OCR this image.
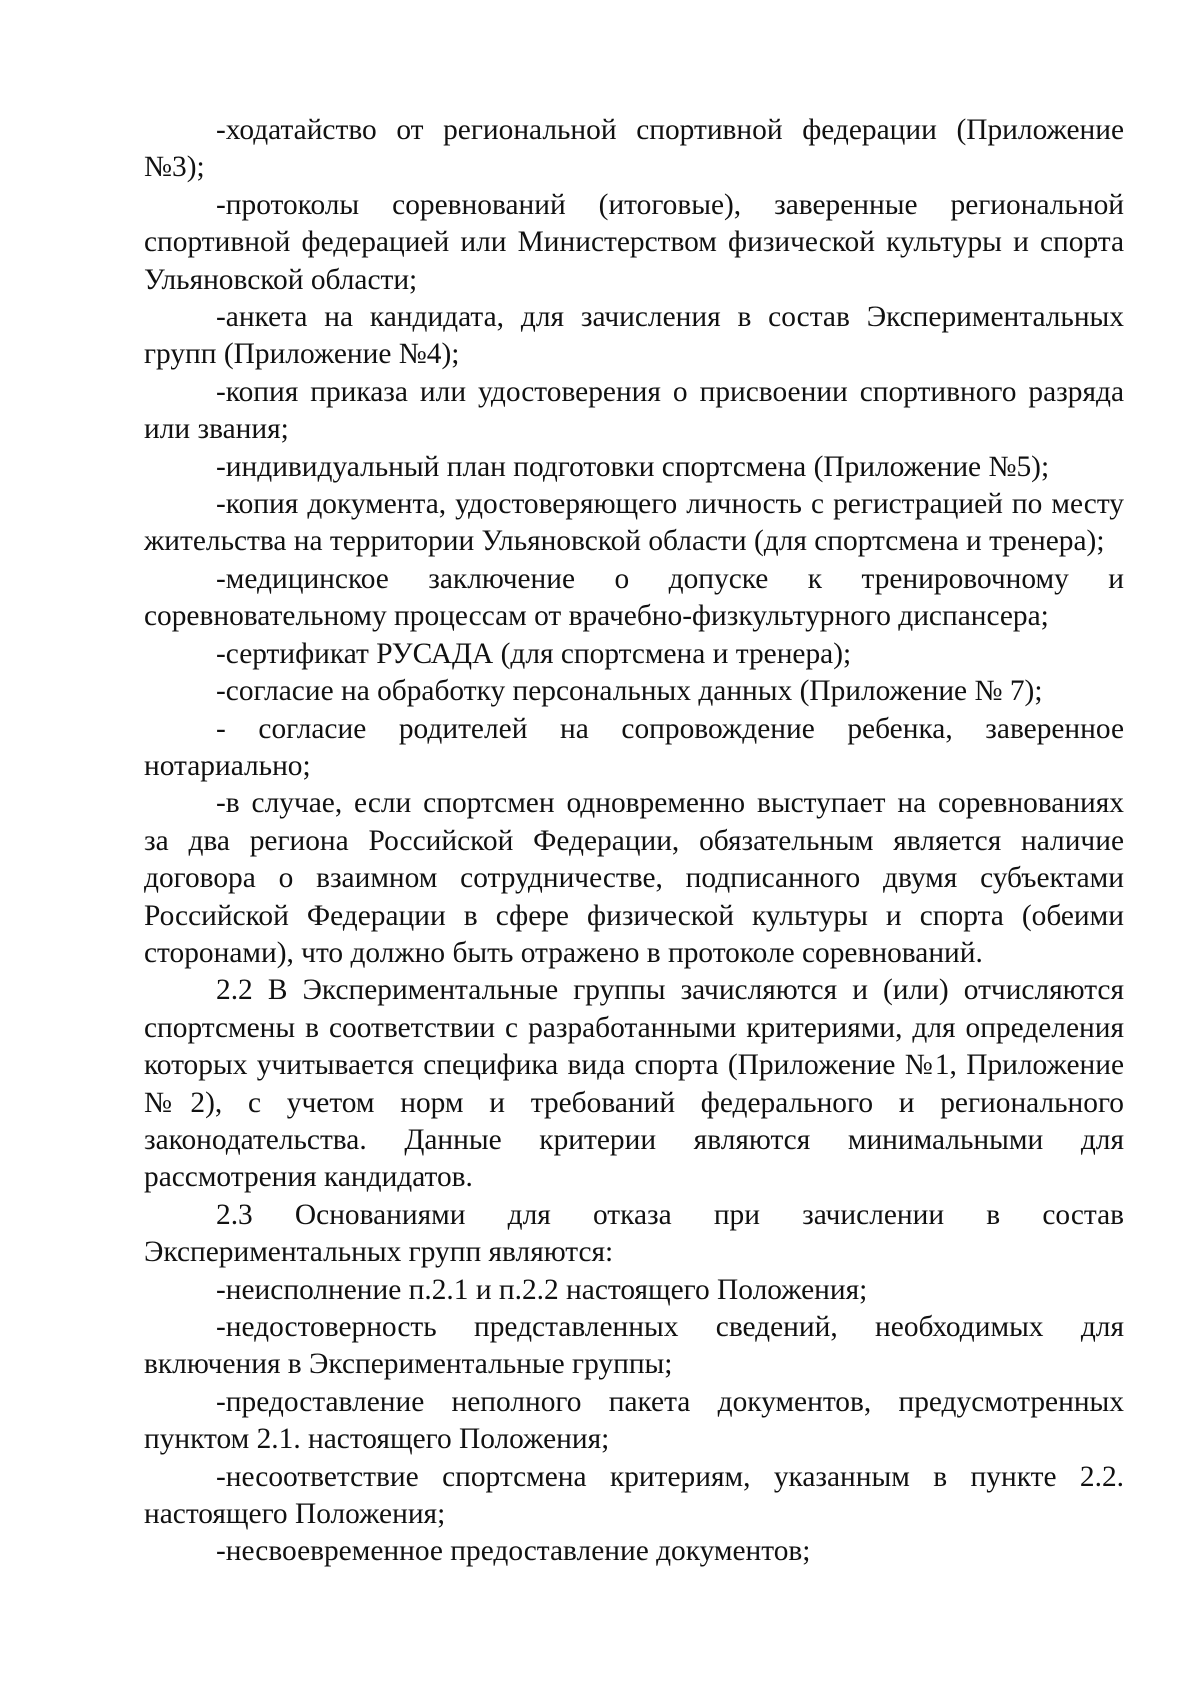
-ходатайство от региональной спортивной федерации (Приложение №3);

-протоколы соревнований (итоговые), заверенные региональной спортивной федерацией или Министерством физической культуры и спорта Ульяновской области;

-анкета на кандидата, для зачисления в состав Экспериментальных групп (Приложение №4);

-копия приказа или удостоверения о присвоении спортивного разряда или звания;

-индивидуальный план подготовки спортсмена (Приложение №5);

-копия документа, удостоверяющего личность с регистрацией по месту жительства на территории Ульяновской области (для спортсмена и тренера);

-медицинское заключение о допуске к тренировочному и соревновательному процессам от врачебно-физкультурного диспансера;

-сертификат РУСАДА (для спортсмена и тренера);

-согласие на обработку персональных данных (Приложение № 7);

- согласие родителей на сопровождение ребенка, заверенное нотариально;

-в случае, если спортсмен одновременно выступает на соревнованиях за два региона Российской Федерации, обязательным является наличие договора о взаимном сотрудничестве, подписанного двумя субъектами Российской Федерации в сфере физической культуры и спорта (обеими сторонами), что должно быть отражено в протоколе соревнований.

2.2 В Экспериментальные группы зачисляются и (или) отчисляются спортсмены в соответствии с разработанными критериями, для определения которых учитывается специфика вида спорта (Приложение №1, Приложение №2), с учетом норм и требований федерального и регионального законодательства. Данные критерии являются минимальными для рассмотрения кандидатов.

2.3 Основаниями для отказа при зачислении в состав Экспериментальных групп являются:

-неисполнение п.2.1 и п.2.2 настоящего Положения;

-недостоверность представленных сведений, необходимых для включения в Экспериментальные группы;

-предоставление неполного пакета документов, предусмотренных пунктом 2.1. настоящего Положения;

-несоответствие спортсмена критериям, указанным в пункте 2.2. настоящего Положения;

-несвоевременное предоставление документов;
